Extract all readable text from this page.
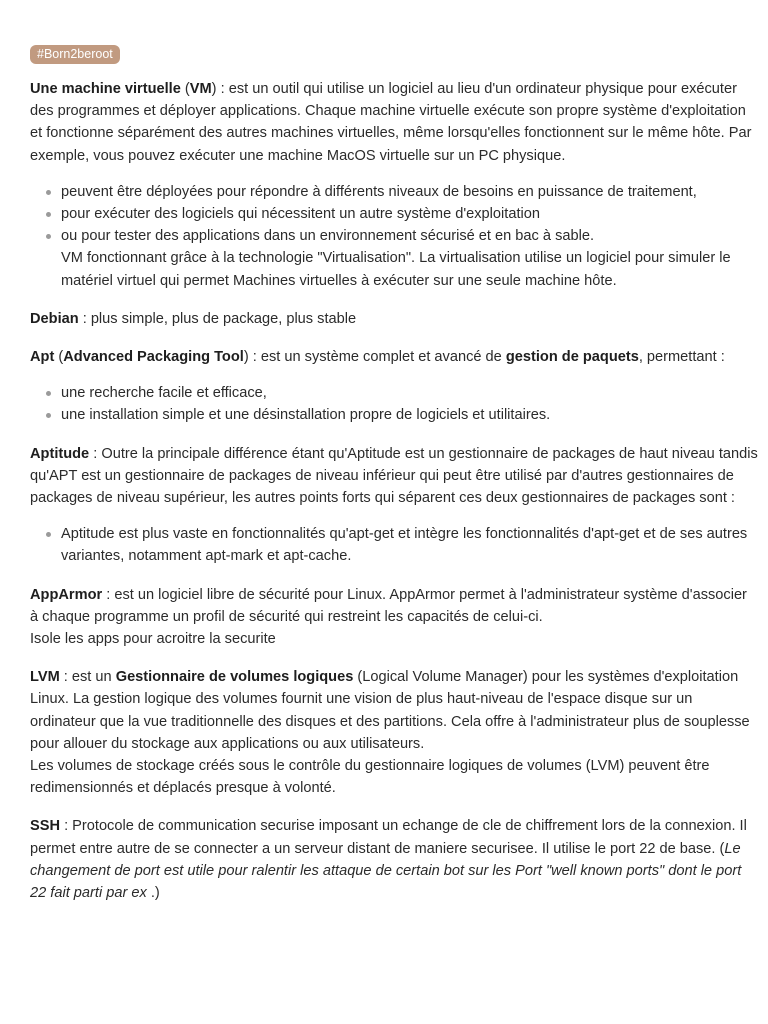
#Born2beroot

Une machine virtuelle (VM) : est un outil qui utilise un logiciel au lieu d'un ordinateur physique pour exécuter des programmes et déployer applications. Chaque machine virtuelle exécute son propre système d'exploitation et fonctionne séparément des autres machines virtuelles, même lorsqu'elles fonctionnent sur le même hôte. Par exemple, vous pouvez exécuter une machine MacOS virtuelle sur un PC physique.

peuvent être déployées pour répondre à différents niveaux de besoins en puissance de traitement,
pour exécuter des logiciels qui nécessitent un autre système d'exploitation
ou pour tester des applications dans un environnement sécurisé et en bac à sable.
VM fonctionnant grâce à la technologie "Virtualisation". La virtualisation utilise un logiciel pour simuler le matériel virtuel qui permet Machines virtuelles à exécuter sur une seule machine hôte.

Debian : plus simple, plus de package, plus stable

Apt (Advanced Packaging Tool) : est un système complet et avancé de gestion de paquets, permettant :

une recherche facile et efficace,
une installation simple et une désinstallation propre de logiciels et utilitaires.

Aptitude : Outre la principale différence étant qu'Aptitude est un gestionnaire de packages de haut niveau tandis qu'APT est un gestionnaire de packages de niveau inférieur qui peut être utilisé par d'autres gestionnaires de packages de niveau supérieur, les autres points forts qui séparent ces deux gestionnaires de packages sont :

Aptitude est plus vaste en fonctionnalités qu'apt-get et intègre les fonctionnalités d'apt-get et de ses autres variantes, notamment apt-mark et apt-cache.

AppArmor : est un logiciel libre de sécurité pour Linux. AppArmor permet à l'administrateur système d'associer à chaque programme un profil de sécurité qui restreint les capacités de celui-ci.
Isole les apps pour acroitre la securite

LVM : est un Gestionnaire de volumes logiques (Logical Volume Manager) pour les systèmes d'exploitation Linux. La gestion logique des volumes fournit une vision de plus haut-niveau de l'espace disque sur un ordinateur que la vue traditionnelle des disques et des partitions. Cela offre à l'administrateur plus de souplesse pour allouer du stockage aux applications ou aux utilisateurs.
Les volumes de stockage créés sous le contrôle du gestionnaire logiques de volumes (LVM) peuvent être redimensionnés et déplacés presque à volonté.

SSH : Protocole de communication securise imposant un echange de cle de chiffrement lors de la connexion. Il permet entre autre de se connecter a un serveur distant de maniere securisee. Il utilise le port 22 de base. (Le changement de port est utile pour ralentir les attaque de certain bot sur les Port "well known ports" dont le port 22 fait parti par ex .)
